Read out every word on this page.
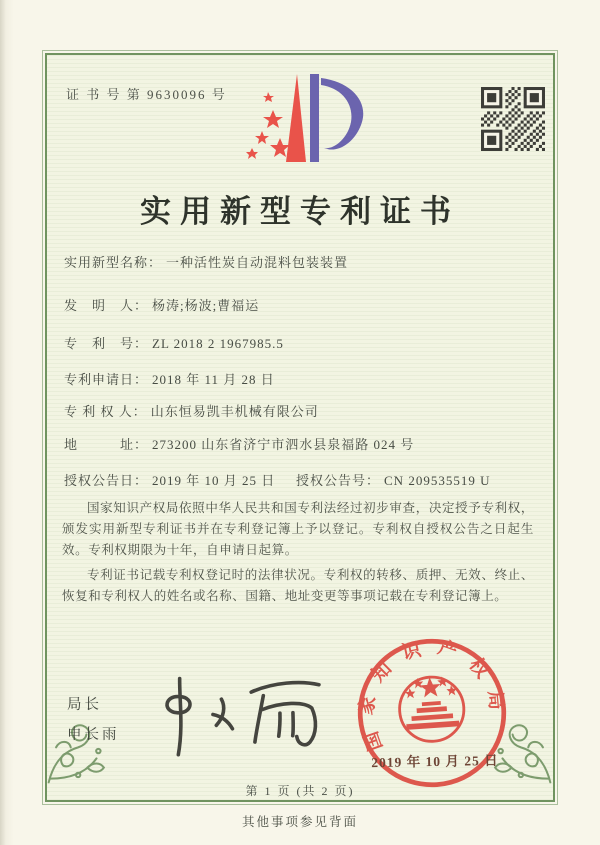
证 书 号 第 9630096 号
实用新型专利证书
实用新型名称： 一种活性炭自动混料包装装置
发　明　人： 杨涛;杨波;曹福运
专　利　号： ZL 2018 2 1967985.5
专利申请日： 2018 年 11 月 28 日
专 利 权 人： 山东恒易凯丰机械有限公司
地　　　址： 273200 山东省济宁市泗水县泉福路 024 号
授权公告日： 2019 年 10 月 25 日 授权公告号： CN 209535519 U

国家知识产权局依照中华人民共和国专利法经过初步审查，决定授予专利权，颁发实用新型专利证书并在专利登记簿上予以登记。专利权自授权公告之日起生效。专利权期限为十年，自申请日起算。

专利证书记载专利权登记时的法律状况。专利权的转移、质押、无效、终止、恢复和专利权人的姓名或名称、国籍、地址变更等事项记载在专利登记簿上。

局长
申长雨	国家知识产权局
2019 年 10 月 25 日
第 1 页 (共 2 页)
其他事项参见背面
